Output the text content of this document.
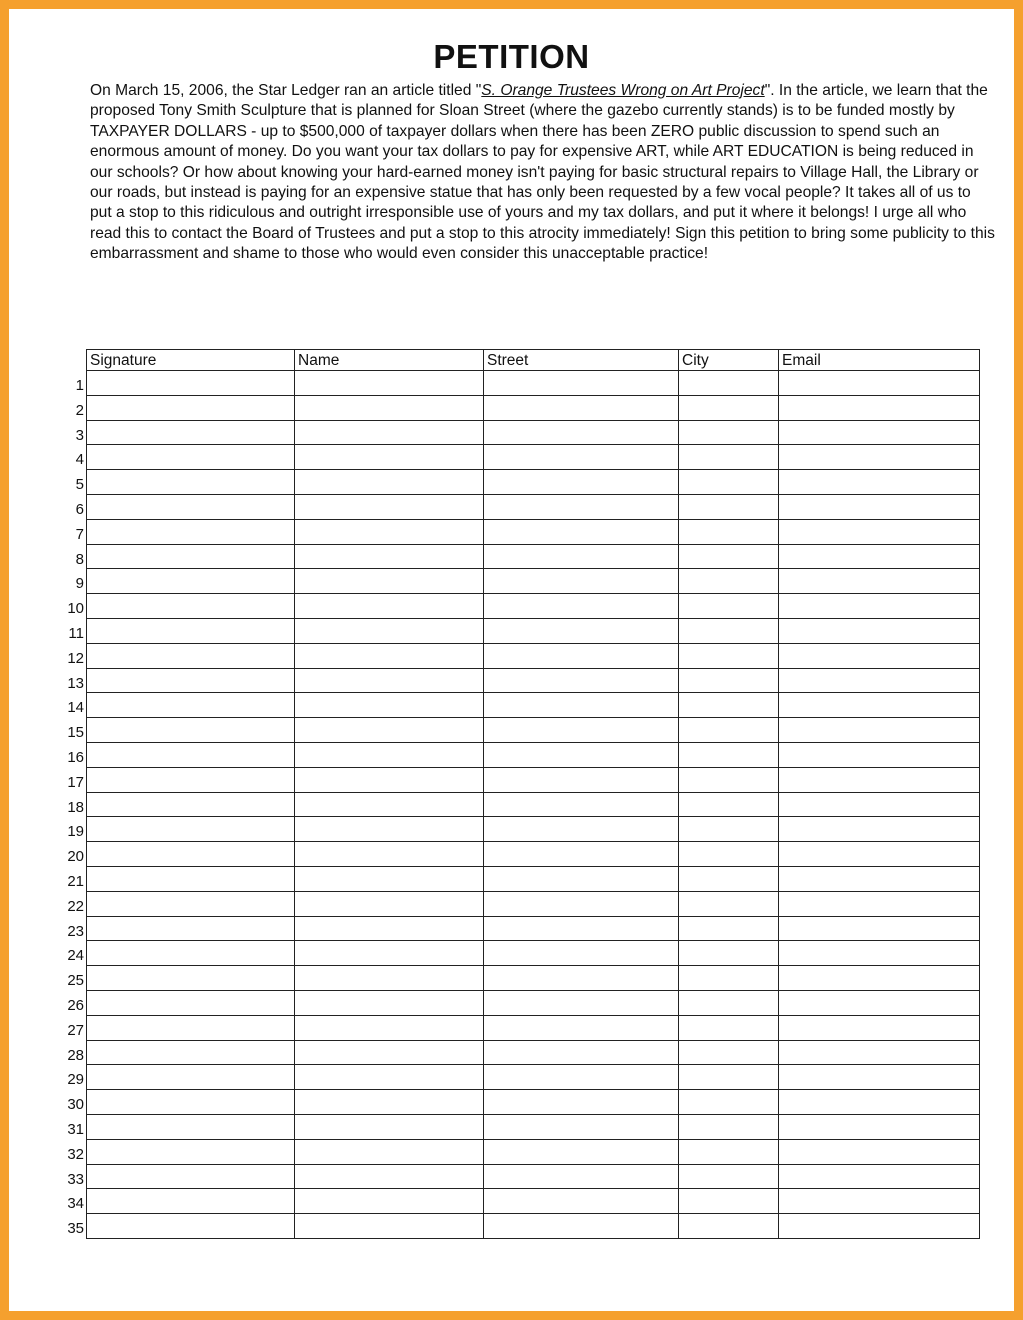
PETITION

On March 15, 2006, the Star Ledger ran an article titled "S. Orange Trustees Wrong on Art Project". In the article, we learn that the proposed Tony Smith Sculpture that is planned for Sloan Street (where the gazebo currently stands) is to be funded mostly by TAXPAYER DOLLARS - up to $500,000 of taxpayer dollars when there has been ZERO public discussion to spend such an enormous amount of money. Do you want your tax dollars to pay for expensive ART, while ART EDUCATION is being reduced in our schools? Or how about knowing your hard-earned money isn't paying for basic structural repairs to Village Hall, the Library or our roads, but instead is paying for an expensive statue that has only been requested by a few vocal people? It takes all of us to put a stop to this ridiculous and outright irresponsible use of yours and my tax dollars, and put it where it belongs! I urge all who read this to contact the Board of Trustees and put a stop to this atrocity immediately! Sign this petition to bring some publicity to this embarrassment and shame to those who would even consider this unacceptable practice!

Signature	Name	Street	City	Email

1
2
3
4
5
6
7
8
9
10
11
12
13
14
15
16
17
18
19
20
21
22
23
24
25
26
27
28
29
30
31
32
33
34
35
